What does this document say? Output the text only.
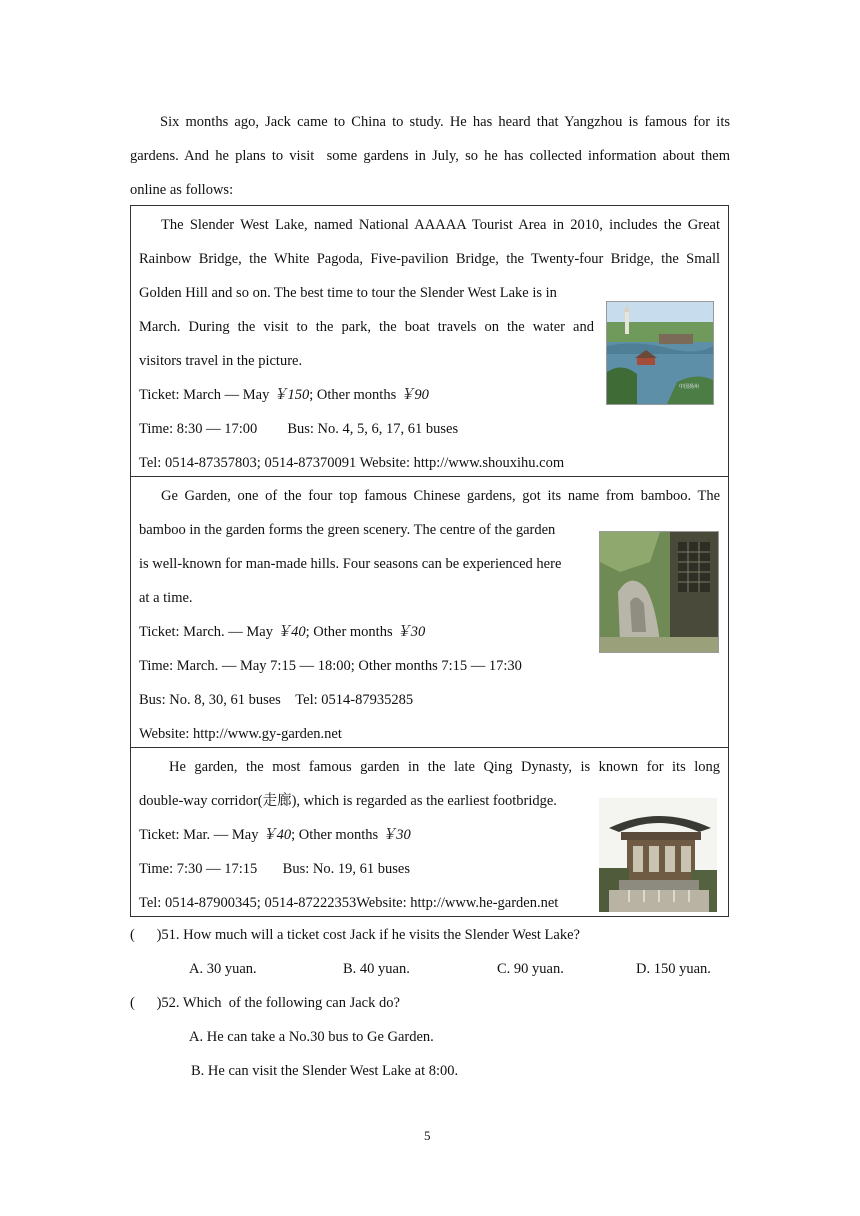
Six months ago, Jack came to China to study. He has heard that Yangzhou is famous for its
gardens. And he plans to visit  some gardens in July, so he has collected information about them
online as follows:
The Slender West Lake, named National AAAAA Tourist Area in 2010, includes the Great
Rainbow Bridge, the White Pagoda, Five-pavilion Bridge, the Twenty-four Bridge, the Small
Golden Hill and so on. The best time to tour the Slender West Lake is in
March. During the visit to the park, the boat travels on the water and
visitors travel in the picture.
Ticket: March — May ￥150; Other months ￥90
Time: 8:30 — 17:00 Bus: No. 4, 5, 6, 17, 61 buses
Tel: 0514-87357803; 0514-87370091 Website: http://www.shouxihu.com
中国扬州
Ge Garden, one of the four top famous Chinese gardens, got its name from bamboo. The
bamboo in the garden forms the green scenery. The centre of the garden
is well-known for man-made hills. Four seasons can be experienced here
at a time.
Ticket: March. — May ￥40; Other months ￥30
Time: March. — May 7:15 — 18:00; Other months 7:15 — 17:30
Bus: No. 8, 30, 61 buses    Tel: 0514-87935285
Website: http://www.gy-garden.net
He garden, the most famous garden in the late Qing Dynasty, is known for its long
double-way corridor(走廊), which is regarded as the earliest footbridge.
Ticket: Mar. — May ￥40; Other months ￥30
Time: 7:30 — 17:15       Bus: No. 19, 61 buses
Tel: 0514-87900345; 0514-87222353Website: http://www.he-garden.net
(      )51. How much will a ticket cost Jack if he visits the Slender West Lake?
A. 30 yuan.	B. 40 yuan.	C. 90 yuan.	D. 150 yuan.
(      )52. Which  of the following can Jack do?
A. He can take a No.30 bus to Ge Garden.
B. He can visit the Slender West Lake at 8:00.
5
